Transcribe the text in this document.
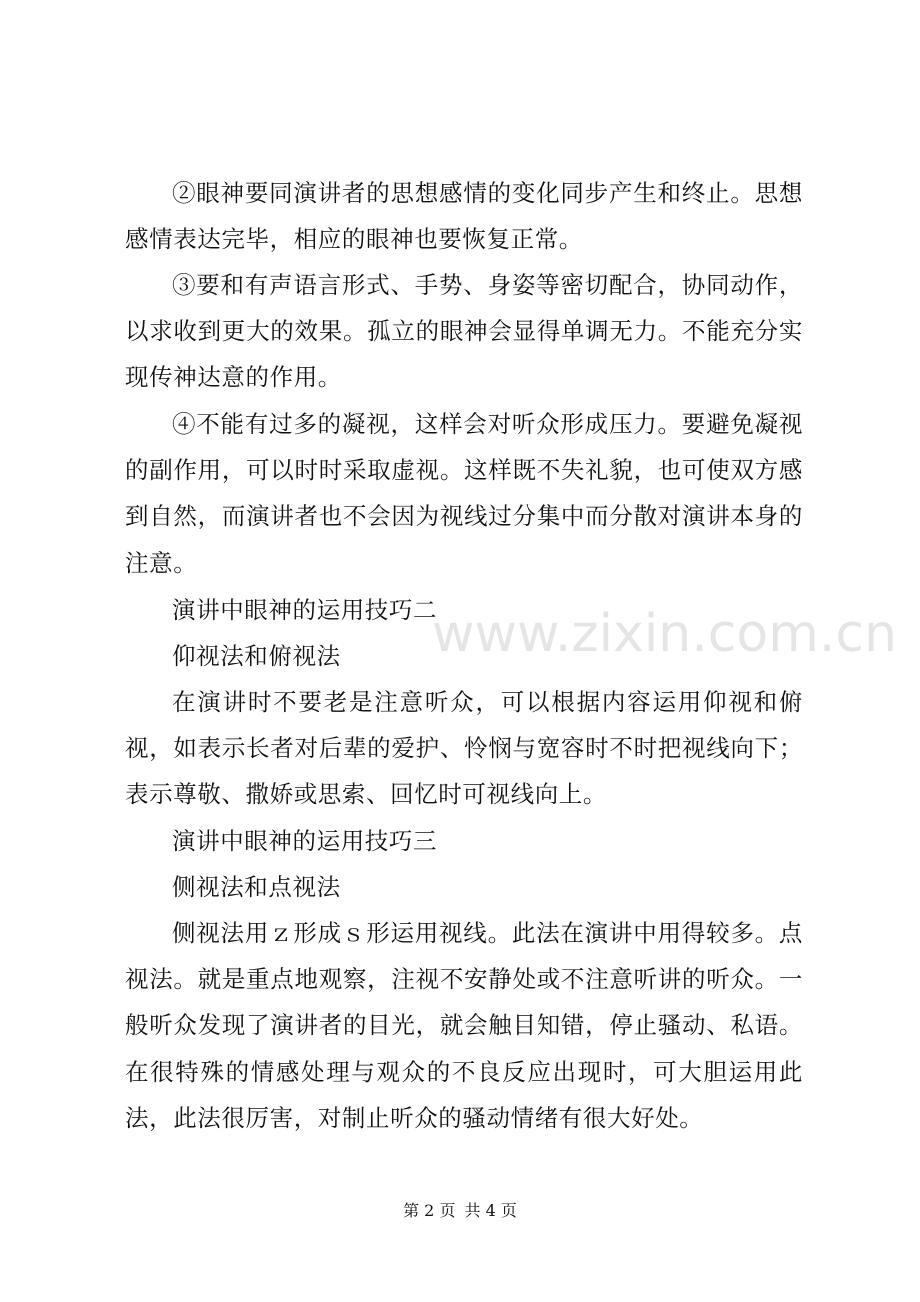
②眼神要同演讲者的思想感情的变化同步产生和终止。思想感情表达完毕，相应的眼神也要恢复正常。

③要和有声语言形式、手势、身姿等密切配合，协同动作，以求收到更大的效果。孤立的眼神会显得单调无力。不能充分实现传神达意的作用。

④不能有过多的凝视，这样会对听众形成压力。要避免凝视的副作用，可以时时采取虚视。这样既不失礼貌，也可使双方感到自然，而演讲者也不会因为视线过分集中而分散对演讲本身的注意。

www.zixin.com.cn

演讲中眼神的运用技巧二

仰视法和俯视法

在演讲时不要老是注意听众，可以根据内容运用仰视和俯视，如表示长者对后辈的爱护、怜悯与宽容时不时把视线向下；表示尊敬、撒娇或思索、回忆时可视线向上。

演讲中眼神的运用技巧三

侧视法和点视法

侧视法用ｚ形成ｓ形运用视线。此法在演讲中用得较多。点视法。就是重点地观察，注视不安静处或不注意听讲的听众。一般听众发现了演讲者的目光，就会触目知错，停止骚动、私语。在很特殊的情感处理与观众的不良反应出现时，可大胆运用此法，此法很厉害，对制止听众的骚动情绪有很大好处。

第 2 页 共 4 页
